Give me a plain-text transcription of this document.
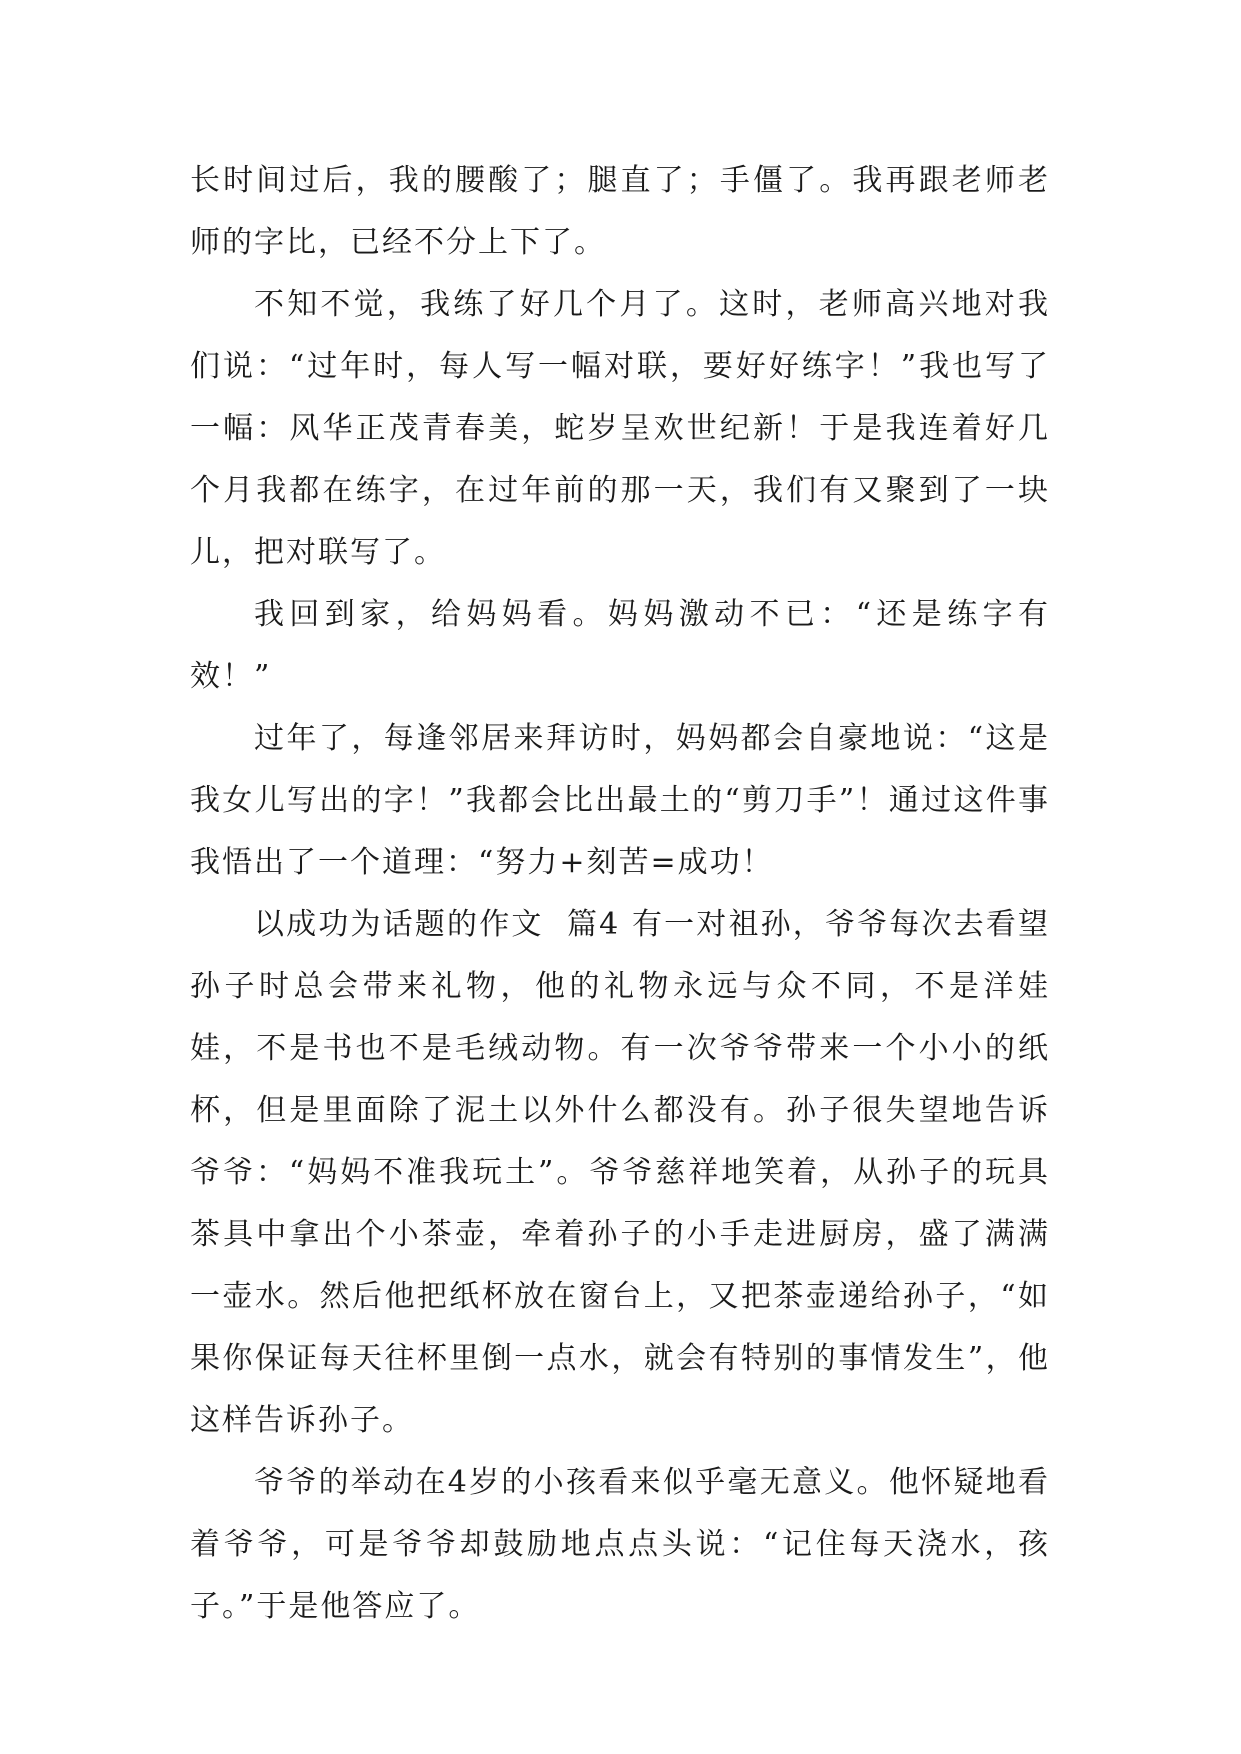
长时间过后，我的腰酸了；腿直了；手僵了。我再跟老师老师的字比，已经不分上下了。

不知不觉，我练了好几个月了。这时，老师高兴地对我们说：“过年时，每人写一幅对联，要好好练字！”我也写了一幅：风华正茂青春美，蛇岁呈欢世纪新！于是我连着好几个月我都在练字，在过年前的那一天，我们有又聚到了一块儿，把对联写了。

我回到家，给妈妈看。妈妈激动不已：“还是练字有效！”

过年了，每逢邻居来拜访时，妈妈都会自豪地说：“这是我女儿写出的字！”我都会比出最土的“剪刀手”！通过这件事我悟出了一个道理：“努力+刻苦=成功！

以成功为话题的作文  篇4 有一对祖孙，爷爷每次去看望孙子时总会带来礼物，他的礼物永远与众不同，不是洋娃娃，不是书也不是毛绒动物。有一次爷爷带来一个小小的纸杯，但是里面除了泥土以外什么都没有。孙子很失望地告诉爷爷：“妈妈不准我玩土”。爷爷慈祥地笑着，从孙子的玩具茶具中拿出个小茶壶，牵着孙子的小手走进厨房，盛了满满一壶水。然后他把纸杯放在窗台上，又把茶壶递给孙子，“如果你保证每天往杯里倒一点水，就会有特别的事情发生”，他这样告诉孙子。

爷爷的举动在4岁的小孩看来似乎毫无意义。他怀疑地看着爷爷，可是爷爷却鼓励地点点头说：“记住每天浇水，孩子。”于是他答应了。
